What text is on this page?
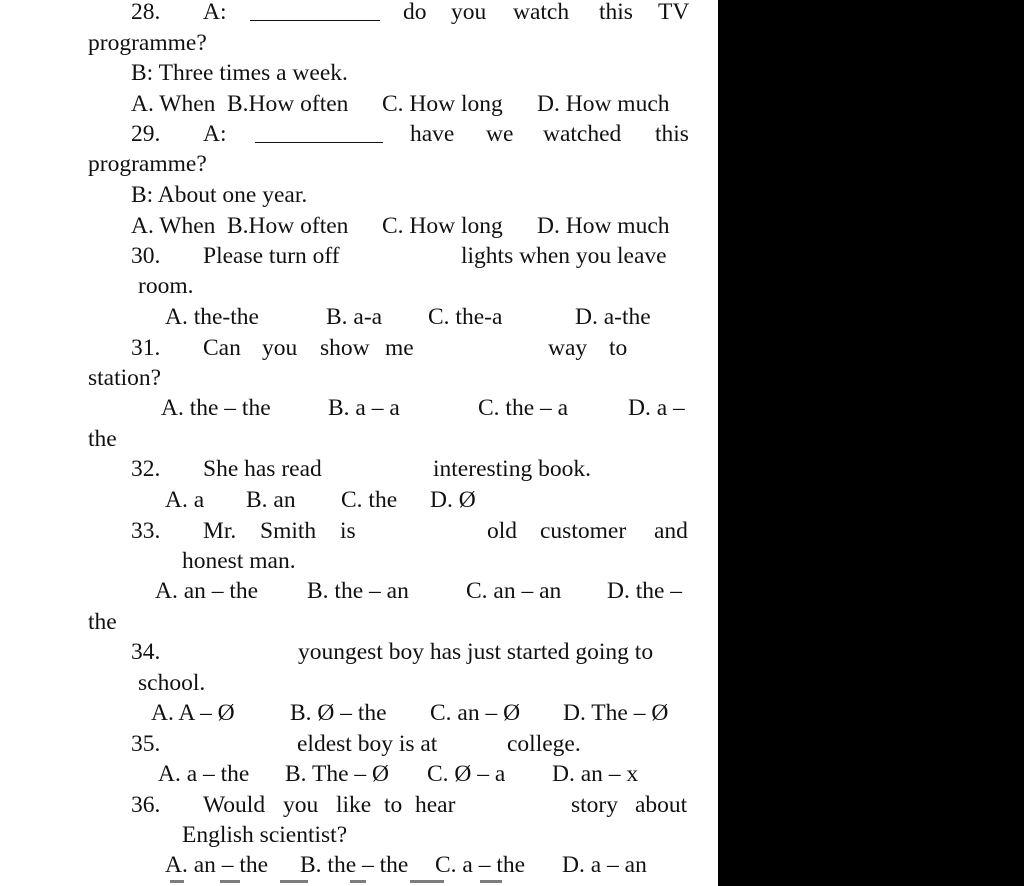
28. A:	do you watch this TV
programme?
B: Three times a week.
A. When B.How often C. How long D. How much
29. A:	have we watched this
programme?
B: About one year.
A. When B.How often C. How long D. How much
30. Please turn off	lights when you leave
room.
A. the-the	B. a-a C. the-a	D. a-the
31. Can you show me	way to
station?
A. the – the B. a – a	C. the – a	D. a –
the
32. She has read	interesting book.
A. a B. an C. the D. Ø
33. Mr. Smith is	old customer and
honest man.
A. an – the B. the – an C. an – an D. the –
the
34.	youngest boy has just started going to
school.
A. A – Ø B. Ø – the C. an – Ø D. The – Ø
35.	eldest boy is at	college.
A. a – the B. The – Ø C. Ø – a D. an – x
36. Would you like to hear	story about
English scientist?
A. an – the B. the – the C. a – the D. a – an
